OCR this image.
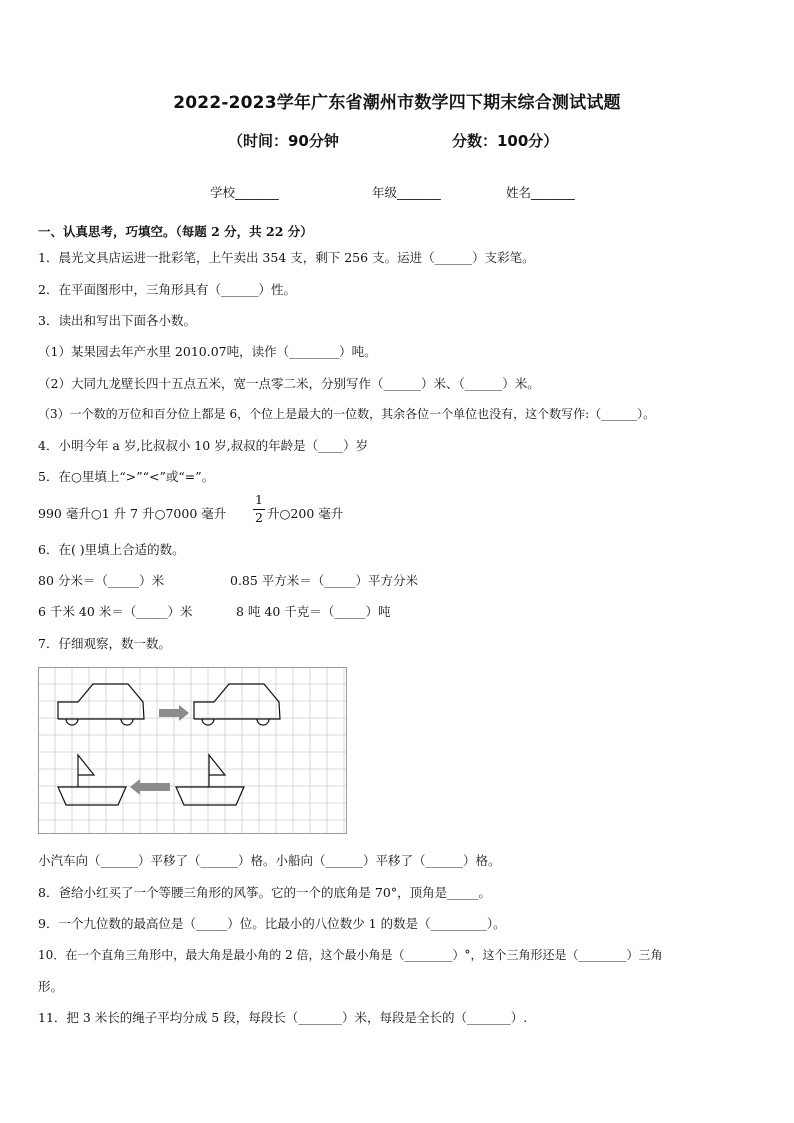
2022-2023学年广东省潮州市数学四下期末综合测试试题
（时间：90分钟	分数：100分）
学校_______	年级_______	姓名_______
一、认真思考，巧填空。（每题 2 分，共 22 分）
1．晨光文具店运进一批彩笔，上午卖出 354 支，剩下 256 支。运进（______）支彩笔。
2．在平面图形中，三角形具有（______）性。
3．读出和写出下面各小数。
（1）某果园去年产水里 2010.07吨，读作（________）吨。
（2）大同九龙壁长四十五点五米，宽一点零二米，分别写作（______）米、（______）米。
（3）一个数的万位和百分位上都是 6，个位上是最大的一位数，其余各位一个单位也没有，这个数写作:（______）。
4．小明今年 a 岁,比叔叔小 10 岁,叔叔的年龄是（____）岁
5．在○里填上“>”“<”或“=”。
990 毫升○1 升 7 升○7000 毫升
1
2 升○200 毫升
6．在( )里填上合适的数。
80 分米＝（_____）米	0.85 平方米＝（_____）平方分米
6 千米 40 米＝（_____）米	8 吨 40 千克＝（_____）吨
7．仔细观察，数一数。
小汽车向（______）平移了（______）格。小船向（______）平移了（______）格。
8．爸给小红买了一个等腰三角形的风筝。它的一个的底角是 70°，顶角是_____。
9．一个九位数的最高位是（_____）位。比最小的八位数少 1 的数是（_________）。
10．在一个直角三角形中，最大角是最小角的 2 倍，这个最小角是（________）°，这个三角形还是（________）三角
形。
11．把 3 米长的绳子平均分成 5 段，每段长（_______）米，每段是全长的（_______）.
